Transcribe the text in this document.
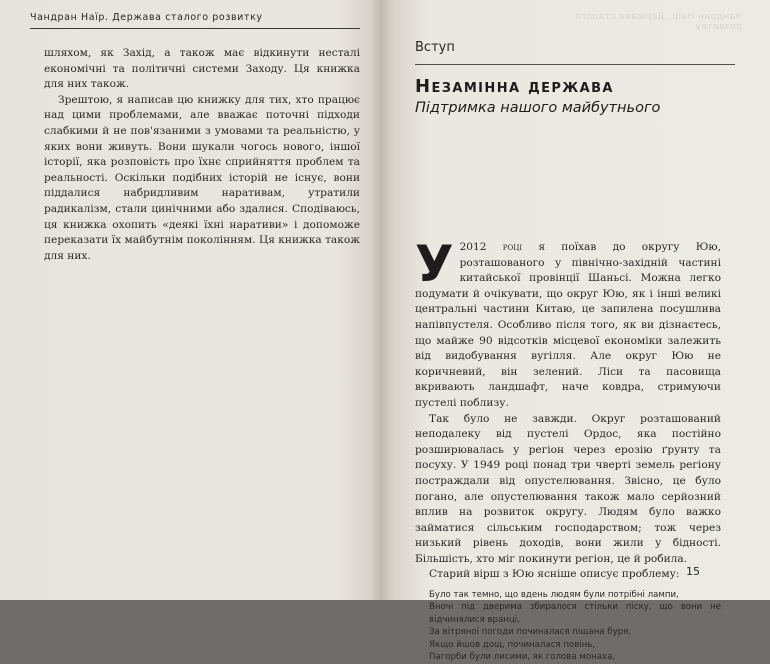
Чандран Наїр. Держава сталого розвитку

шляхом, як Захід, а також має відкинути несталі економічні та політичні системи Заходу. Ця книжка для них також.

Зрештою, я написав цю книжку для тих, хто працює над цими проблемами, але вважає поточні підходи слабкими й не пов'язаними з умовами та реальністю, у яких вони живуть. Вони шукали чогось нового, іншої історії, яка розповість про їхнє сприйняття проблем та реальності. Оскільки подібних історій не існує, вони піддалися набридливим наративам, утратили радикалізм, стали цинічними або здалися. Сподіваюсь, ця книжка охопить «деякі їхні наративи» і допоможе переказати їх майбутнім поколінням. Ця книжка також для них.

Чандран Наїр. Держава сталого розвитку
Вступ
Незамінна держава
Підтримка нашого майбутнього

У 2012 році я поїхав до округу Юю, розташованого у північно-західній частині китайської провінції Шаньсі. Можна легко подумати й очікувати, що округ Юю, як і інші великі центральні частини Китаю, це запилена посушлива напівпустеля. Особливо після того, як ви дізнаєтесь, що майже 90 відсотків місцевої економіки залежить від видобування вугілля. Але округ Юю не коричневий, він зелений. Ліси та пасовища вкривають ландшафт, наче ковдра, стримуючи пустелі поблизу.

Так було не завжди. Округ розташований неподалеку від пустелі Ордос, яка постійно розширювалась у регіон через ерозію ґрунту та посуху. У 1949 році понад три чверті земель регіону постраждали від опустелювання. Звісно, це було погано, але опустелювання також мало серйозний вплив на розвиток округу. Людям було важко займатися сільським господарством; тож через низький рівень доходів, вони жили у бідності. Більшість, хто міг покинути регіон, це й робила.

Старий вірш з Юю ясніше описує проблему:

Було так темно, що вдень людям були потрібні лампи,
Вночі під дверима збиралося стільки піску, що вони не відчинялися вранці,
За вітряної погоди починалася піщана буря,
Якщо йшов дощ, починалася повінь,
Пагорби були лисими, як голова монаха,
15
